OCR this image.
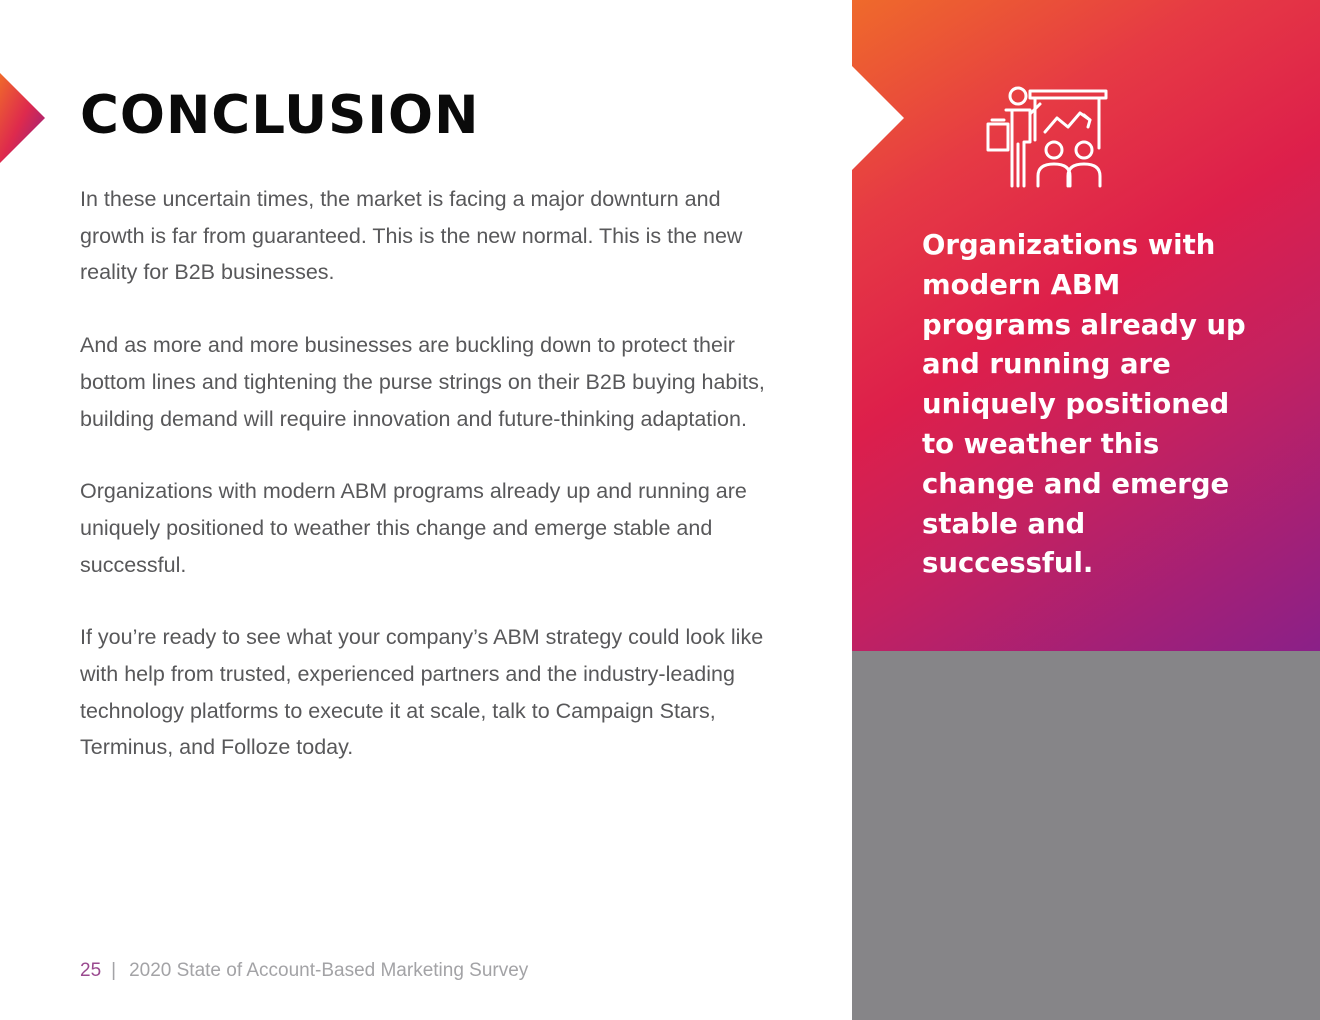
CONCLUSION

In these uncertain times, the market is facing a major downturn and growth is far from guaranteed. This is the new normal. This is the new reality for B2B businesses.

And as more and more businesses are buckling down to protect their bottom lines and tightening the purse strings on their B2B buying habits, building demand will require innovation and future-thinking adaptation.

Organizations with modern ABM programs already up and running are uniquely positioned to weather this change and emerge stable and successful.

If you’re ready to see what your company’s ABM strategy could look like with help from trusted, experienced partners and the industry-leading technology platforms to execute it at scale, talk to Campaign Stars, Terminus, and Folloze today.

25 | 2020 State of Account-Based Marketing Survey

Organizations with modern ABM programs already up and running are uniquely positioned to weather this change and emerge stable and successful.
